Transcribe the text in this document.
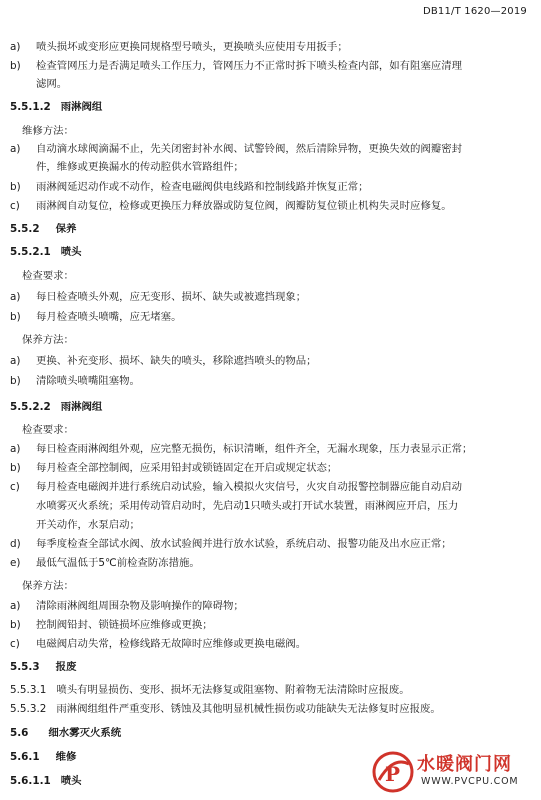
DB11/T 1620—2019
a) 喷头损坏或变形应更换同规格型号喷头，更换喷头应使用专用扳手；
b) 检查管网压力是否满足喷头工作压力，管网压力不正常时拆下喷头检查内部，如有阻塞应清理
滤网。
5.5.1.2 雨淋阀组
维修方法：
a) 自动滴水球阀滴漏不止，先关闭密封补水阀、试警铃阀，然后清除异物，更换失效的阀瓣密封
件，维修或更换漏水的传动腔供水管路组件；
b) 雨淋阀延迟动作或不动作，检查电磁阀供电线路和控制线路并恢复正常；
c) 雨淋阀自动复位，检修或更换压力释放器或防复位阀，阀瓣防复位锁止机构失灵时应修复。
5.5.2 保养
5.5.2.1 喷头
检查要求：
a) 每日检查喷头外观，应无变形、损坏、缺失或被遮挡现象；
b) 每月检查喷头喷嘴，应无堵塞。
保养方法：
a) 更换、补充变形、损坏、缺失的喷头，移除遮挡喷头的物品；
b) 清除喷头喷嘴阻塞物。
5.5.2.2 雨淋阀组
检查要求：
a) 每日检查雨淋阀组外观，应完整无损伤，标识清晰，组件齐全，无漏水现象，压力表显示正常；
b) 每月检查全部控制阀，应采用铅封或锁链固定在开启或规定状态；
c) 每月检查电磁阀并进行系统启动试验，输入模拟火灾信号，火灾自动报警控制器应能自动启动
水喷雾灭火系统；采用传动管启动时，先启动1只喷头或打开试水装置，雨淋阀应开启，压力
开关动作，水泵启动；
d) 每季度检查全部试水阀、放水试验阀并进行放水试验，系统启动、报警功能及出水应正常；
e) 最低气温低于5℃前检查防冻措施。
保养方法：
a) 清除雨淋阀组周围杂物及影响操作的障碍物；
b) 控制阀铅封、锁链损坏应维修或更换；
c) 电磁阀启动失常，检修线路无故障时应维修或更换电磁阀。
5.5.3 报废
5.5.3.1 喷头有明显损伤、变形、损坏无法修复或阻塞物、附着物无法清除时应报废。
5.5.3.2 雨淋阀组组件严重变形、锈蚀及其他明显机械性损伤或功能缺失无法修复时应报废。
5.6 细水雾灭火系统
5.6.1 维修
5.6.1.1 喷头	P 水暖阀门网
WWW.PVCPU.COM
